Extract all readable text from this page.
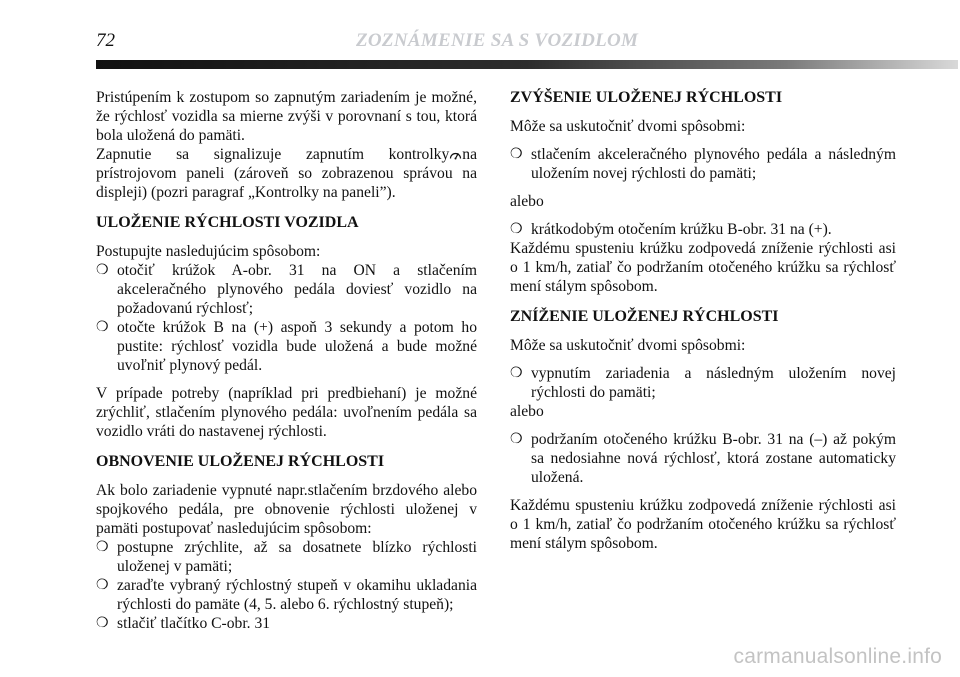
72	ZOZNÁMENIE SA S VOZIDLOM

Pristúpením k zostupom so zapnutým zariadením je možné, že rýchlosť vozidla sa mierne zvýši v porovnaní s tou, ktorá bola uložená do pamäti.

Zapnutie sa signalizuje zapnutím kontrolky na prístrojovom paneli (zároveň so zobrazenou správou na displeji) (pozri paragraf „Kontrolky na paneli”).

ULOŽENIE RÝCHLOSTI VOZIDLA

Postupujte nasledujúcim spôsobom:

❍ otočiť krúžok A-obr. 31 na ON a stlačením akceleračného plynového pedála doviesť vozidlo na požadovanú rýchlosť;
❍ otočte krúžok B na (+) aspoň 3 sekundy a potom ho pustite: rýchlosť vozidla bude uložená a bude možné uvoľniť plynový pedál.

V prípade potreby (napríklad pri predbiehaní) je možné zrýchliť, stlačením plynového pedála: uvoľnením pedála sa vozidlo vráti do nastavenej rýchlosti.

OBNOVENIE ULOŽENEJ RÝCHLOSTI

Ak bolo zariadenie vypnuté napr.stlačením brzdového alebo spojkového pedála, pre obnovenie rýchlosti uloženej v pamäti postupovať nasledujúcim spôsobom:

❍ postupne zrýchlite, až sa dosatnete blízko rýchlosti uloženej v pamäti;
❍ zaraďte vybraný rýchlostný stupeň v okamihu ukladania rýchlosti do pamäte (4, 5. alebo 6. rýchlostný stupeň);
❍ stlačiť tlačítko C-obr. 31
ZVÝŠENIE ULOŽENEJ RÝCHLOSTI

Môže sa uskutočniť dvomi spôsobmi:

❍ stlačením akceleračného plynového pedála a následným uložením novej rýchlosti do pamäti;

alebo

❍ krátkodobým otočením krúžku B-obr. 31 na (+).

Každému spusteniu krúžku zodpovedá zníženie rýchlosti asi o 1 km/h, zatiaľ čo podržaním otočeného krúžku sa rýchlosť mení stálym spôsobom.

ZNÍŽENIE ULOŽENEJ RÝCHLOSTI

Môže sa uskutočniť dvomi spôsobmi:

❍ vypnutím zariadenia a následným uložením novej rýchlosti do pamäti;

alebo

❍ podržaním otočeného krúžku B-obr. 31 na (–) až pokým sa nedosiahne nová rýchlosť, ktorá zostane automaticky uložená.

Každému spusteniu krúžku zodpovedá zníženie rýchlosti asi o 1 km/h, zatiaľ čo podržaním otočeného krúžku sa rýchlosť mení stálym spôsobom.

carmanualsonline.info
